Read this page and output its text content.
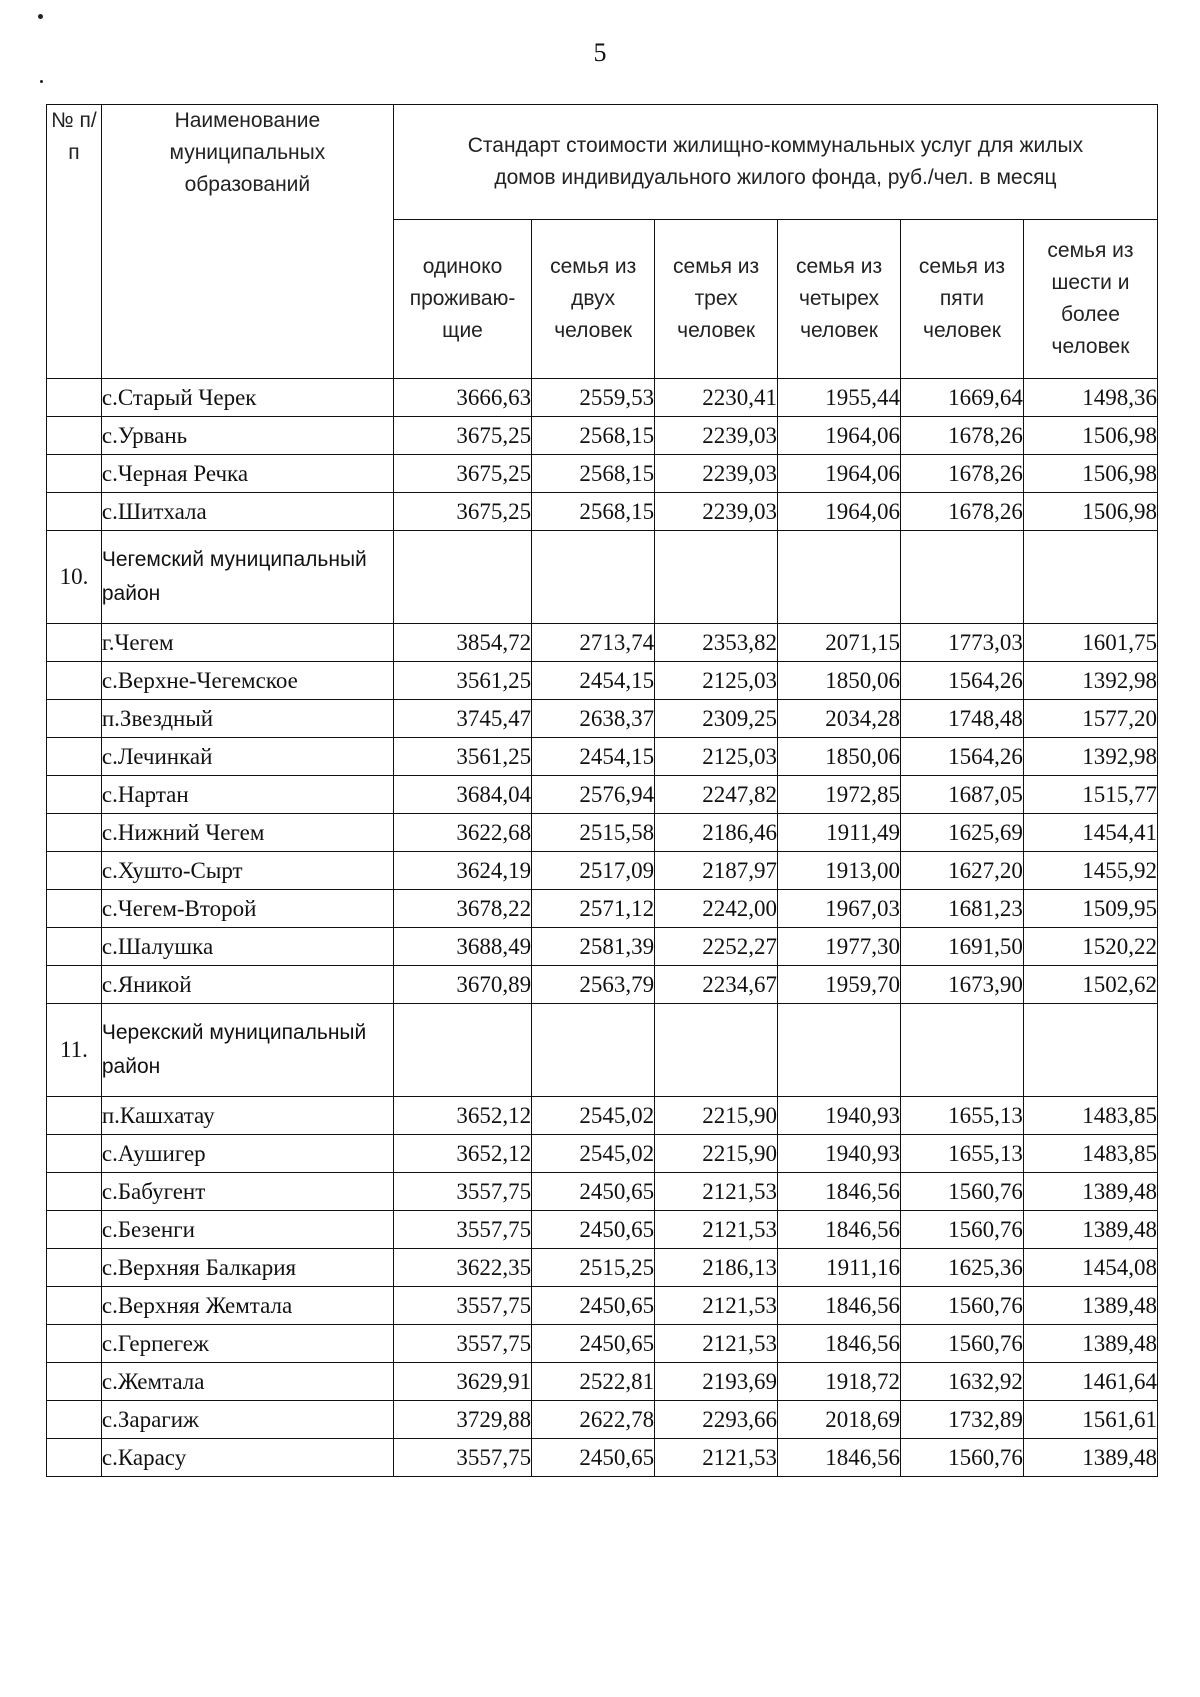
5
№ п/п	Наименование муниципальных образований	Стандарт стоимости жилищно-коммунальных услуг для жилых домов индивидуального жилого фонда, руб./чел. в месяц					
		одиноко проживаю- щие	семья из двух человек	семья из трех человек	семья из четырех человек	семья из пяти человек	семья из шести и более человек
	с.Старый Черек	3666,63	2559,53	2230,41	1955,44	1669,64	1498,36
	с.Урвань	3675,25	2568,15	2239,03	1964,06	1678,26	1506,98
	с.Черная Речка	3675,25	2568,15	2239,03	1964,06	1678,26	1506,98
	с.Шитхала	3675,25	2568,15	2239,03	1964,06	1678,26	1506,98
10.	Чегемский муниципальный район						
	г.Чегем	3854,72	2713,74	2353,82	2071,15	1773,03	1601,75
	с.Верхне-Чегемское	3561,25	2454,15	2125,03	1850,06	1564,26	1392,98
	п.Звездный	3745,47	2638,37	2309,25	2034,28	1748,48	1577,20
	с.Лечинкай	3561,25	2454,15	2125,03	1850,06	1564,26	1392,98
	с.Нартан	3684,04	2576,94	2247,82	1972,85	1687,05	1515,77
	с.Нижний Чегем	3622,68	2515,58	2186,46	1911,49	1625,69	1454,41
	с.Хушто-Сырт	3624,19	2517,09	2187,97	1913,00	1627,20	1455,92
	с.Чегем-Второй	3678,22	2571,12	2242,00	1967,03	1681,23	1509,95
	с.Шалушка	3688,49	2581,39	2252,27	1977,30	1691,50	1520,22
	с.Яникой	3670,89	2563,79	2234,67	1959,70	1673,90	1502,62
11.	Черекский муниципальный район						
	п.Кашхатау	3652,12	2545,02	2215,90	1940,93	1655,13	1483,85
	с.Аушигер	3652,12	2545,02	2215,90	1940,93	1655,13	1483,85
	с.Бабугент	3557,75	2450,65	2121,53	1846,56	1560,76	1389,48
	с.Безенги	3557,75	2450,65	2121,53	1846,56	1560,76	1389,48
	с.Верхняя Балкария	3622,35	2515,25	2186,13	1911,16	1625,36	1454,08
	с.Верхняя Жемтала	3557,75	2450,65	2121,53	1846,56	1560,76	1389,48
	с.Герпегеж	3557,75	2450,65	2121,53	1846,56	1560,76	1389,48
	с.Жемтала	3629,91	2522,81	2193,69	1918,72	1632,92	1461,64
	с.Зарагиж	3729,88	2622,78	2293,66	2018,69	1732,89	1561,61
	с.Карасу	3557,75	2450,65	2121,53	1846,56	1560,76	1389,48
